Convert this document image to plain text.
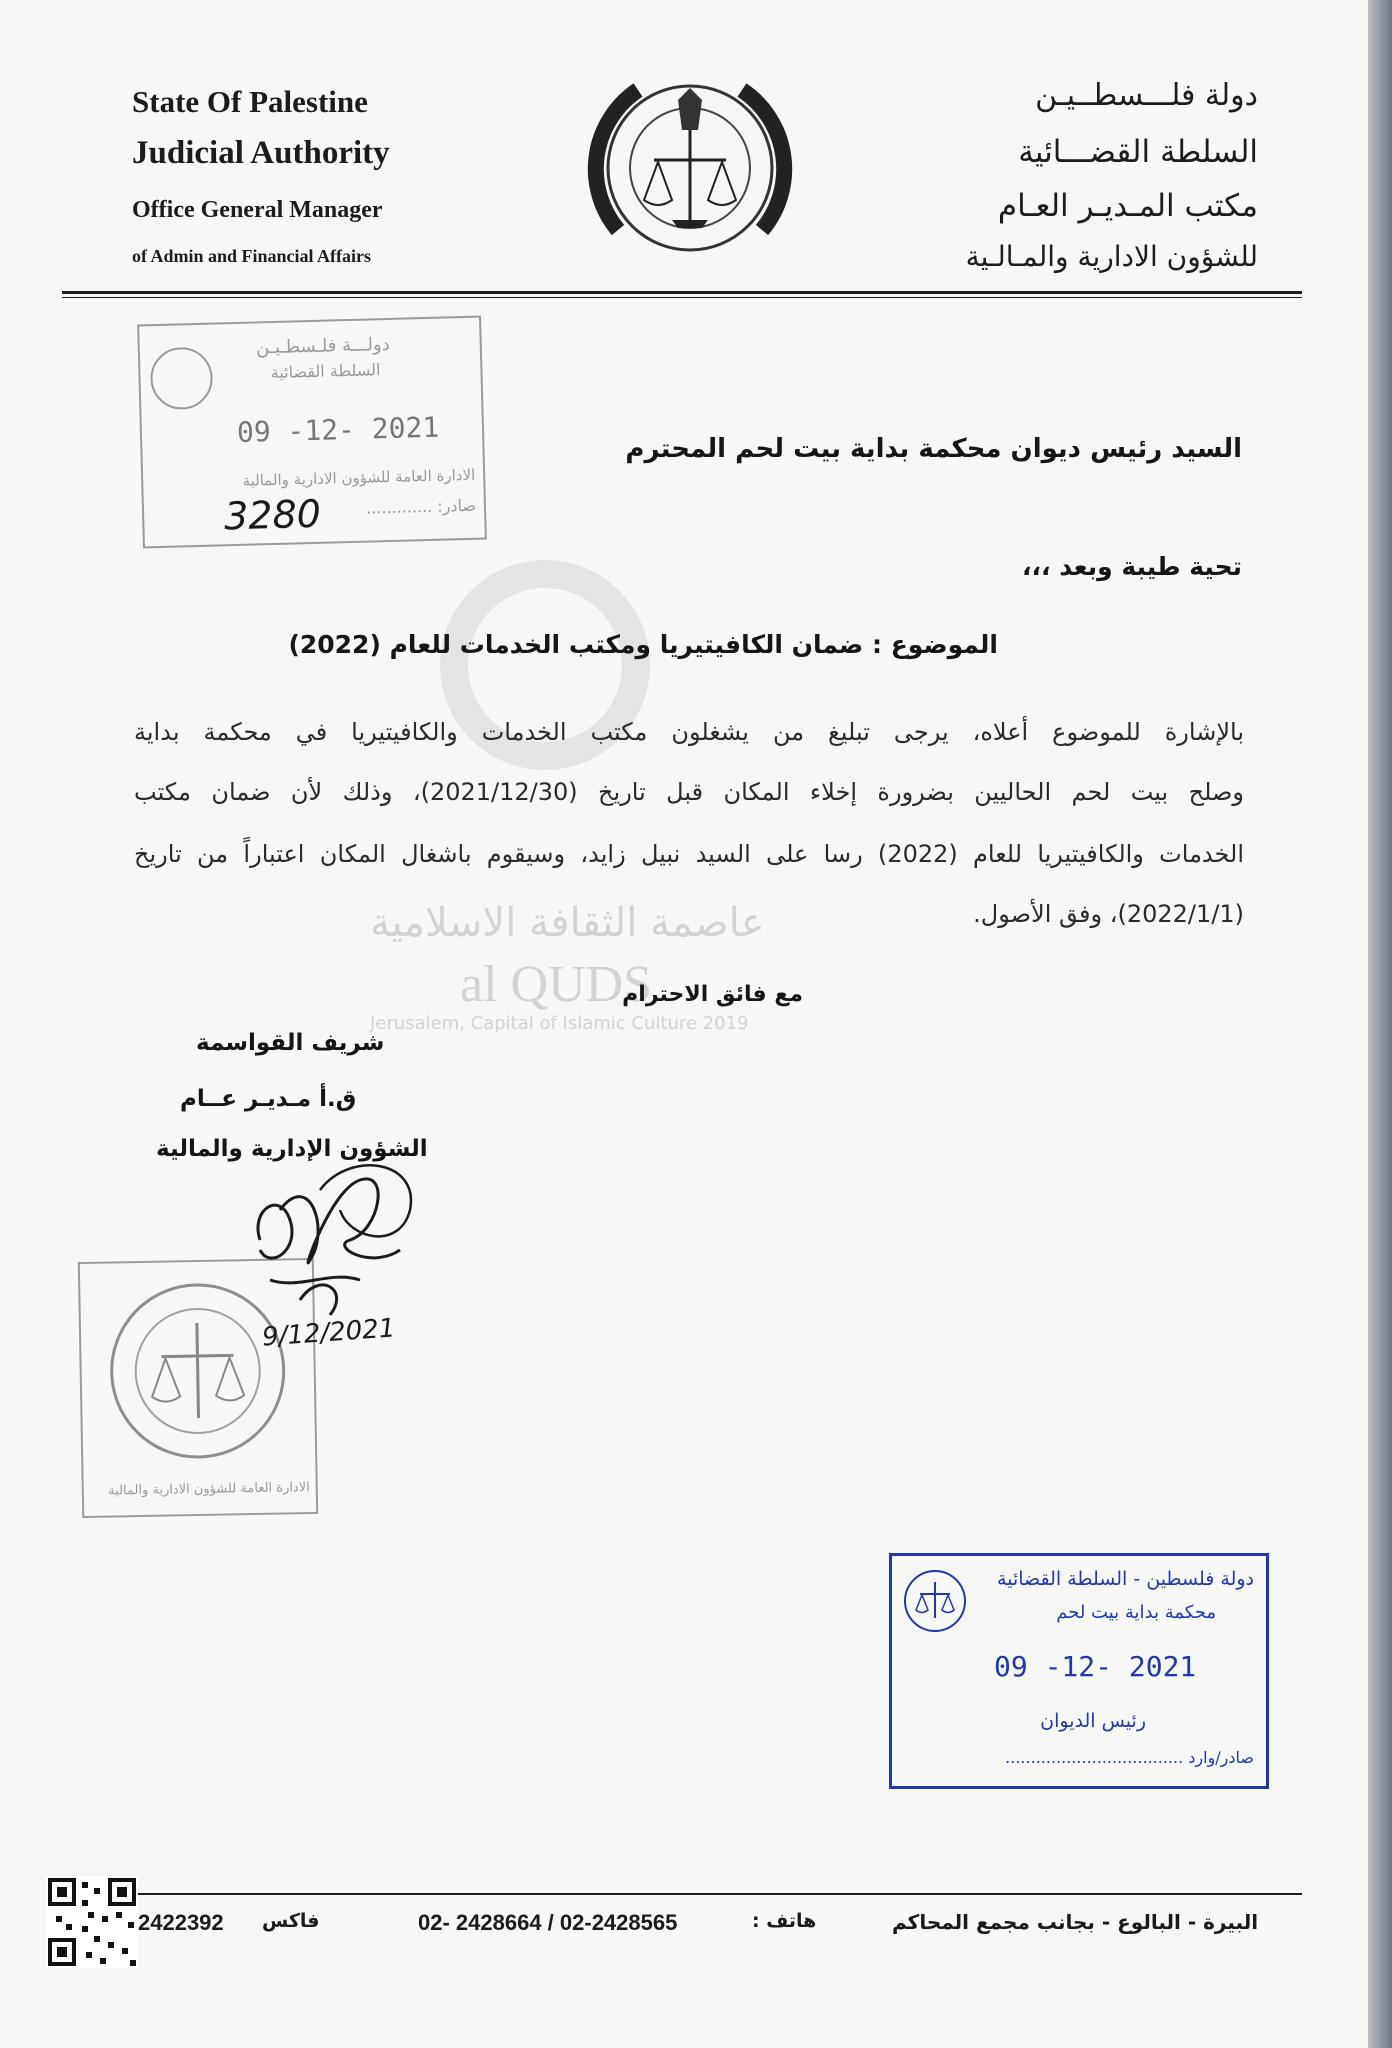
State Of Palestine
Judicial Authority
Office General Manager
of Admin and Financial Affairs
دولة فلـــسطــيـن
السلطة القضـــائية
مكتب المـديـر العـام
للشؤون الادارية والمـالـية
عاصمة الثقافة الاسلامية
al QUDS
Jerusalem, Capital of Islamic Culture 2019
دولـــة فلـسطـيـن
السلطة القضائية
09 -12- 2021
الادارة العامة للشؤون الادارية والمالية
صادر: .............
3280
السيد رئيس ديوان محكمة بداية بيت لحم المحترم
تحية طيبة وبعد ،،،
الموضوع : ضمان الكافيتيريا ومكتب الخدمات للعام (2022)
بالإشارة للموضوع أعلاه، يرجى تبليغ من يشغلون مكتب الخدمات والكافيتيريا في محكمة بداية
وصلح بيت لحم الحاليين بضرورة إخلاء المكان قبل تاريخ (2021/12/30)، وذلك لأن ضمان مكتب
الخدمات والكافيتيريا للعام (2022) رسا على السيد نبيل زايد، وسيقوم باشغال المكان اعتباراً من تاريخ
(2022/1/1)، وفق الأصول.
مع فائق الاحترام
شريف القواسمة
ق.أ مـديـر عــام
الشؤون الإدارية والمالية
الادارة العامة للشؤون الادارية والمالية
9/12/2021
دولة فلسطين - السلطة القضائية
محكمة بداية بيت لحم
09 -12- 2021
رئيس الديوان
صادر/وارد ...................................
2422392 فاكس	02- 2428664 / 02-2428565	هاتف :	البيرة - البالوع - بجانب مجمع المحاكم
